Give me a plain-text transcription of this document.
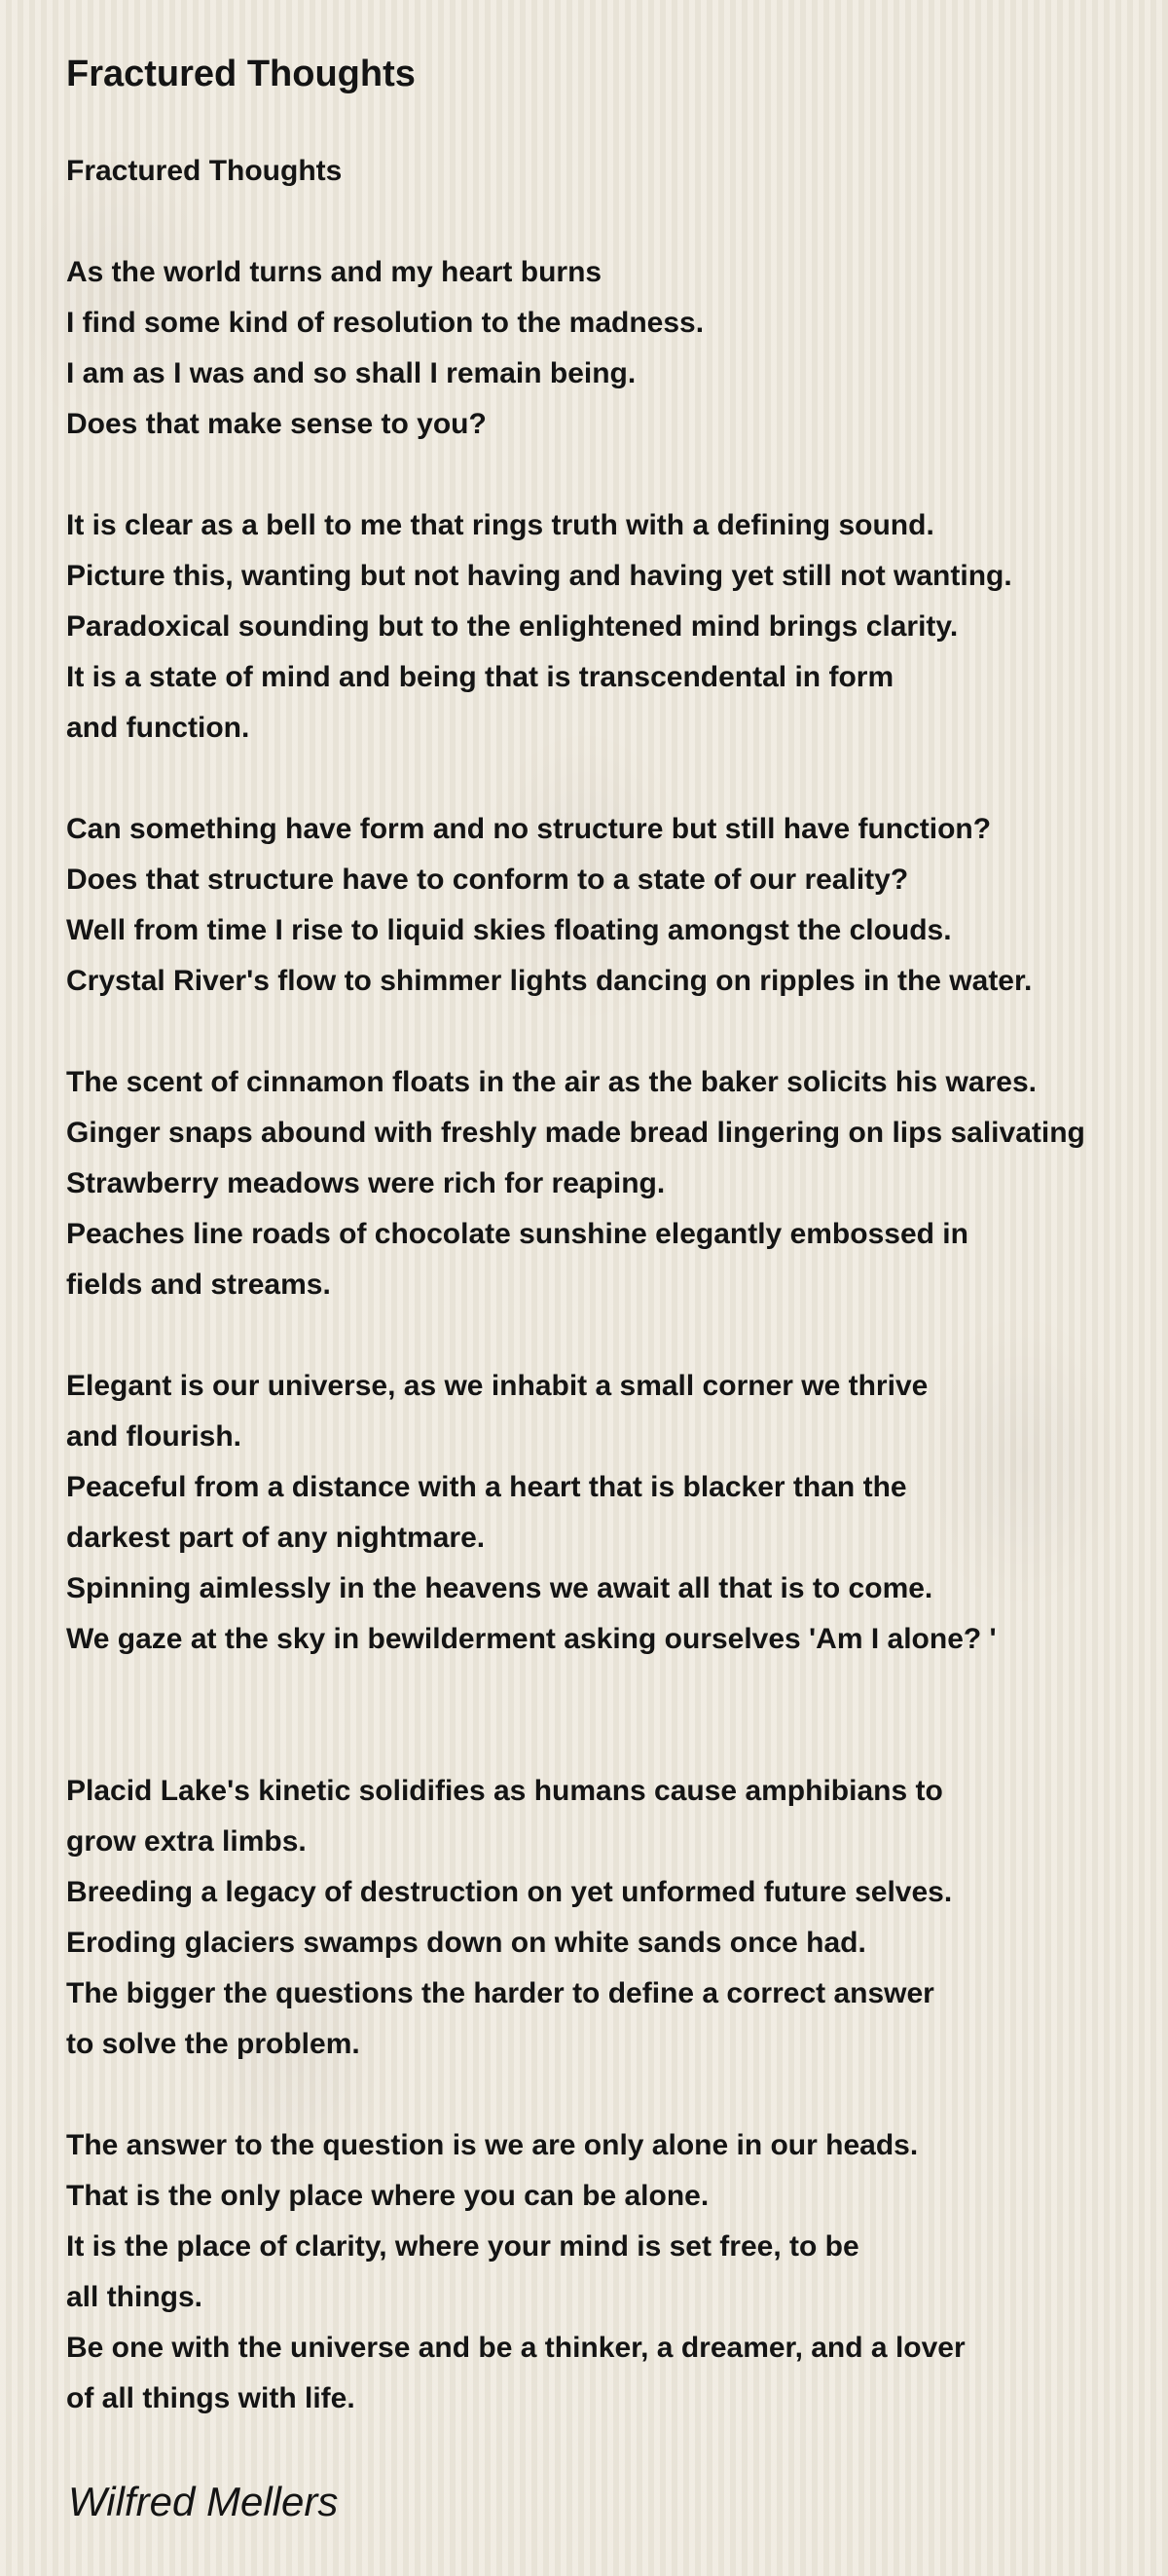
Fractured Thoughts
Fractured Thoughts
As the world turns and my heart burns
I find some kind of resolution to the madness.
I am as I was and so shall I remain being.
Does that make sense to you?
It is clear as a bell to me that rings truth with a defining sound.
Picture this, wanting but not having and having yet still not wanting.
Paradoxical sounding but to the enlightened mind brings clarity.
It is a state of mind and being that is transcendental in form
and function.
Can something have form and no structure but still have function?
Does that structure have to conform to a state of our reality?
Well from time I rise to liquid skies floating amongst the clouds.
Crystal River's flow to shimmer lights dancing on ripples in the water.
The scent of cinnamon floats in the air as the baker solicits his wares.
Ginger snaps abound with freshly made bread lingering on lips salivating
Strawberry meadows were rich for reaping.
Peaches line roads of chocolate sunshine elegantly embossed in
fields and streams.
Elegant is our universe, as we inhabit a small corner we thrive
and flourish.
Peaceful from a distance with a heart that is blacker than the
darkest part of any nightmare.
Spinning aimlessly in the heavens we await all that is to come.
We gaze at the sky in bewilderment asking ourselves 'Am I alone? '
Placid Lake's kinetic solidifies as humans cause amphibians to
grow extra limbs.
Breeding a legacy of destruction on yet unformed future selves.
Eroding glaciers swamps down on white sands once had.
The bigger the questions the harder to define a correct answer
to solve the problem.
The answer to the question is we are only alone in our heads.
That is the only place where you can be alone.
It is the place of clarity, where your mind is set free, to be
all things.
Be one with the universe and be a thinker, a dreamer, and a lover
of all things with life.
Wilfred Mellers
